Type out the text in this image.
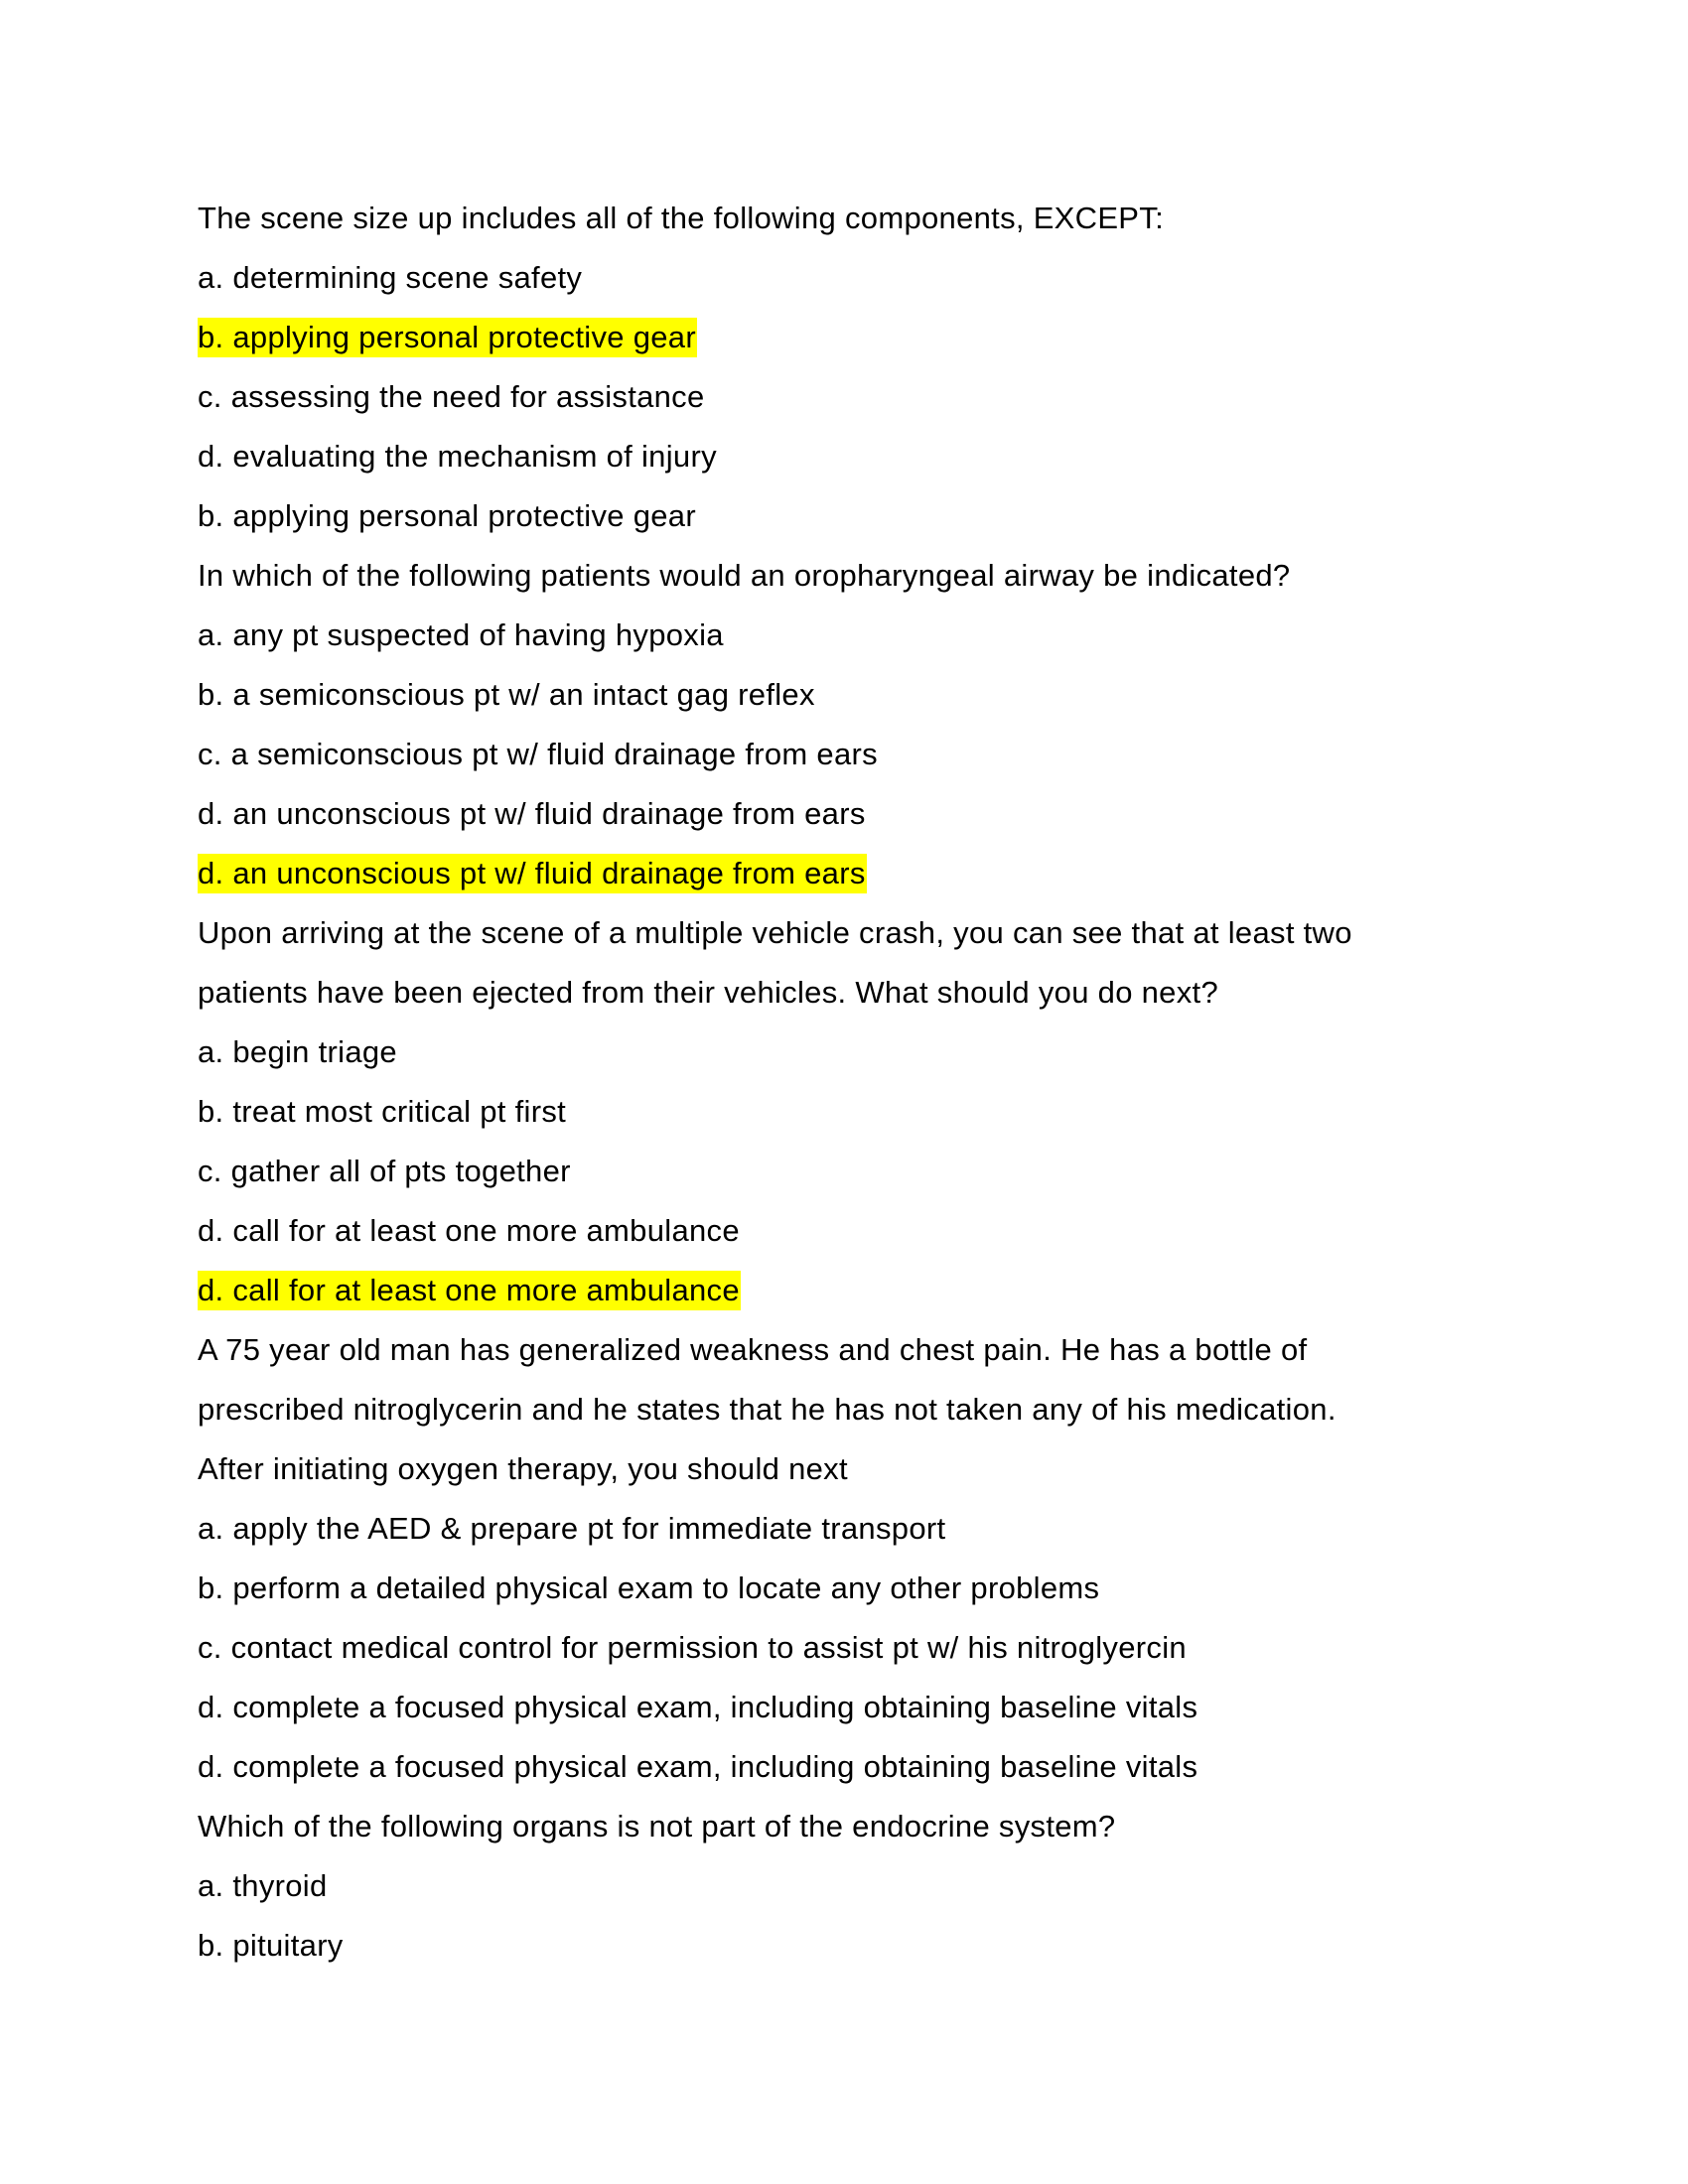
The scene size up includes all of the following components, EXCEPT:
a. determining scene safety
b. applying personal protective gear
c. assessing the need for assistance
d. evaluating the mechanism of injury
b. applying personal protective gear
In which of the following patients would an oropharyngeal airway be indicated?
a. any pt suspected of having hypoxia
b. a semiconscious pt w/ an intact gag reflex
c. a semiconscious pt w/ fluid drainage from ears
d. an unconscious pt w/ fluid drainage from ears
d. an unconscious pt w/ fluid drainage from ears
Upon arriving at the scene of a multiple vehicle crash, you can see that at least two
patients have been ejected from their vehicles. What should you do next?
a. begin triage
b. treat most critical pt first
c. gather all of pts together
d. call for at least one more ambulance
d. call for at least one more ambulance
A 75 year old man has generalized weakness and chest pain. He has a bottle of
prescribed nitroglycerin and he states that he has not taken any of his medication.
After initiating oxygen therapy, you should next
a. apply the AED & prepare pt for immediate transport
b. perform a detailed physical exam to locate any other problems
c. contact medical control for permission to assist pt w/ his nitroglyercin
d. complete a focused physical exam, including obtaining baseline vitals
d. complete a focused physical exam, including obtaining baseline vitals
Which of the following organs is not part of the endocrine system?
a. thyroid
b. pituitary
